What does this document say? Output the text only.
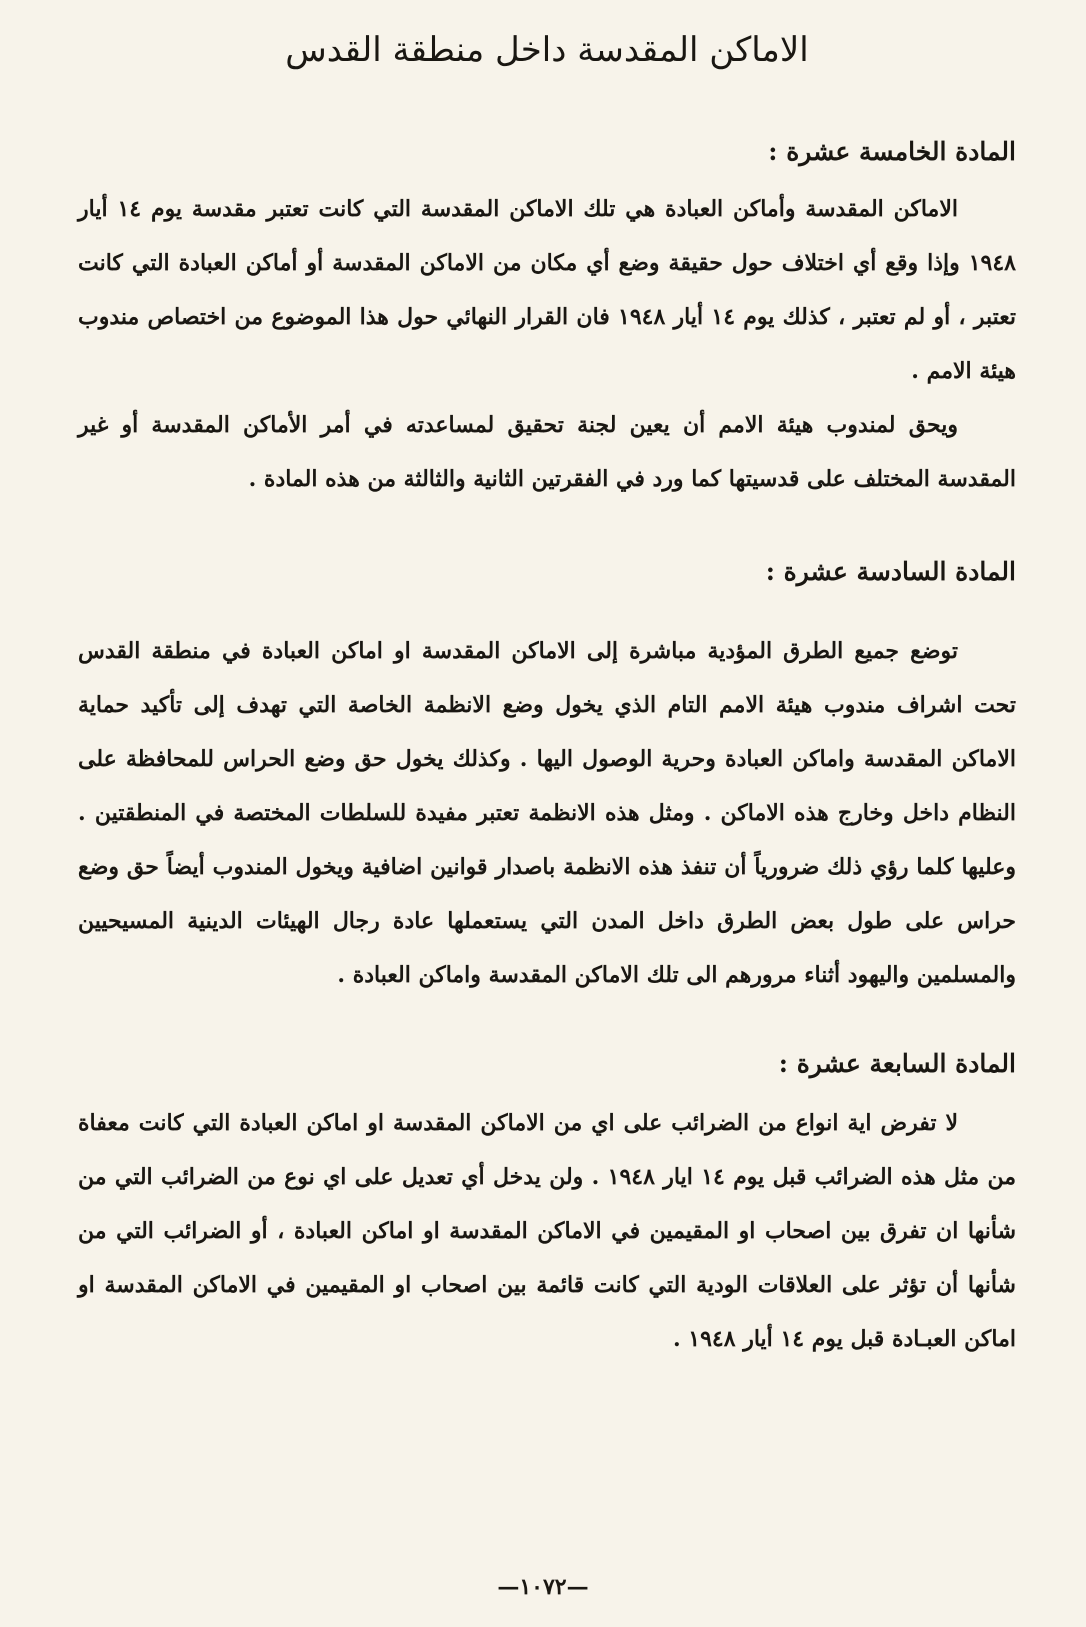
الاماكن المقدسة داخل منطقة القدس
المادة الخامسة عشرة :

الاماكن المقدسة وأماكن العبادة هي تلك الاماكن المقدسة التي كانت تعتبر مقدسة يوم ١٤ أيار ١٩٤٨ وإذا وقع أي اختلاف حول حقيقة وضع أي مكان من الاماكن المقدسة أو أماكن العبادة التي كانت تعتبر ، أو لم تعتبر ، كذلك يوم ١٤ أيار ١٩٤٨ فان القرار النهائي حول هذا الموضوع من اختصاص مندوب هيئة الامم .

ويحق لمندوب هيئة الامم أن يعين لجنة تحقيق لمساعدته في أمر الأماكن المقدسة أو غير المقدسة المختلف على قدسيتها كما ورد في الفقرتين الثانية والثالثة من هذه المادة .

المادة السادسة عشرة :

توضع جميع الطرق المؤدية مباشرة إلى الاماكن المقدسة او اماكن العبادة في منطقة القدس تحت اشراف مندوب هيئة الامم التام الذي يخول وضع الانظمة الخاصة التي تهدف إلى تأكيد حماية الاماكن المقدسة واماكن العبادة وحرية الوصول اليها . وكذلك يخول حق وضع الحراس للمحافظة على النظام داخل وخارج هذه الاماكن . ومثل هذه الانظمة تعتبر مفيدة للسلطات المختصة في المنطقتين . وعليها كلما رؤي ذلك ضرورياً أن تنفذ هذه الانظمة باصدار قوانين اضافية ويخول المندوب أيضاً حق وضع حراس على طول بعض الطرق داخل المدن التي يستعملها عادة رجال الهيئات الدينية المسيحيين والمسلمين واليهود أثناء مرورهم الى تلك الاماكن المقدسة واماكن العبادة .

المادة السابعة عشرة :

لا تفرض اية انواع من الضرائب على اي من الاماكن المقدسة او اماكن العبادة التي كانت معفاة من مثل هذه الضرائب قبل يوم ١٤ ايار ١٩٤٨ . ولن يدخل أي تعديل على اي نوع من الضرائب التي من شأنها ان تفرق بين اصحاب او المقيمين في الاماكن المقدسة او اماكن العبادة ، أو الضرائب التي من شأنها أن تؤثر على العلاقات الودية التي كانت قائمة بين اصحاب او المقيمين في الاماكن المقدسة او اماكن العبـادة قبل يوم ١٤ أيار ١٩٤٨ .

—١٠٧٢—
